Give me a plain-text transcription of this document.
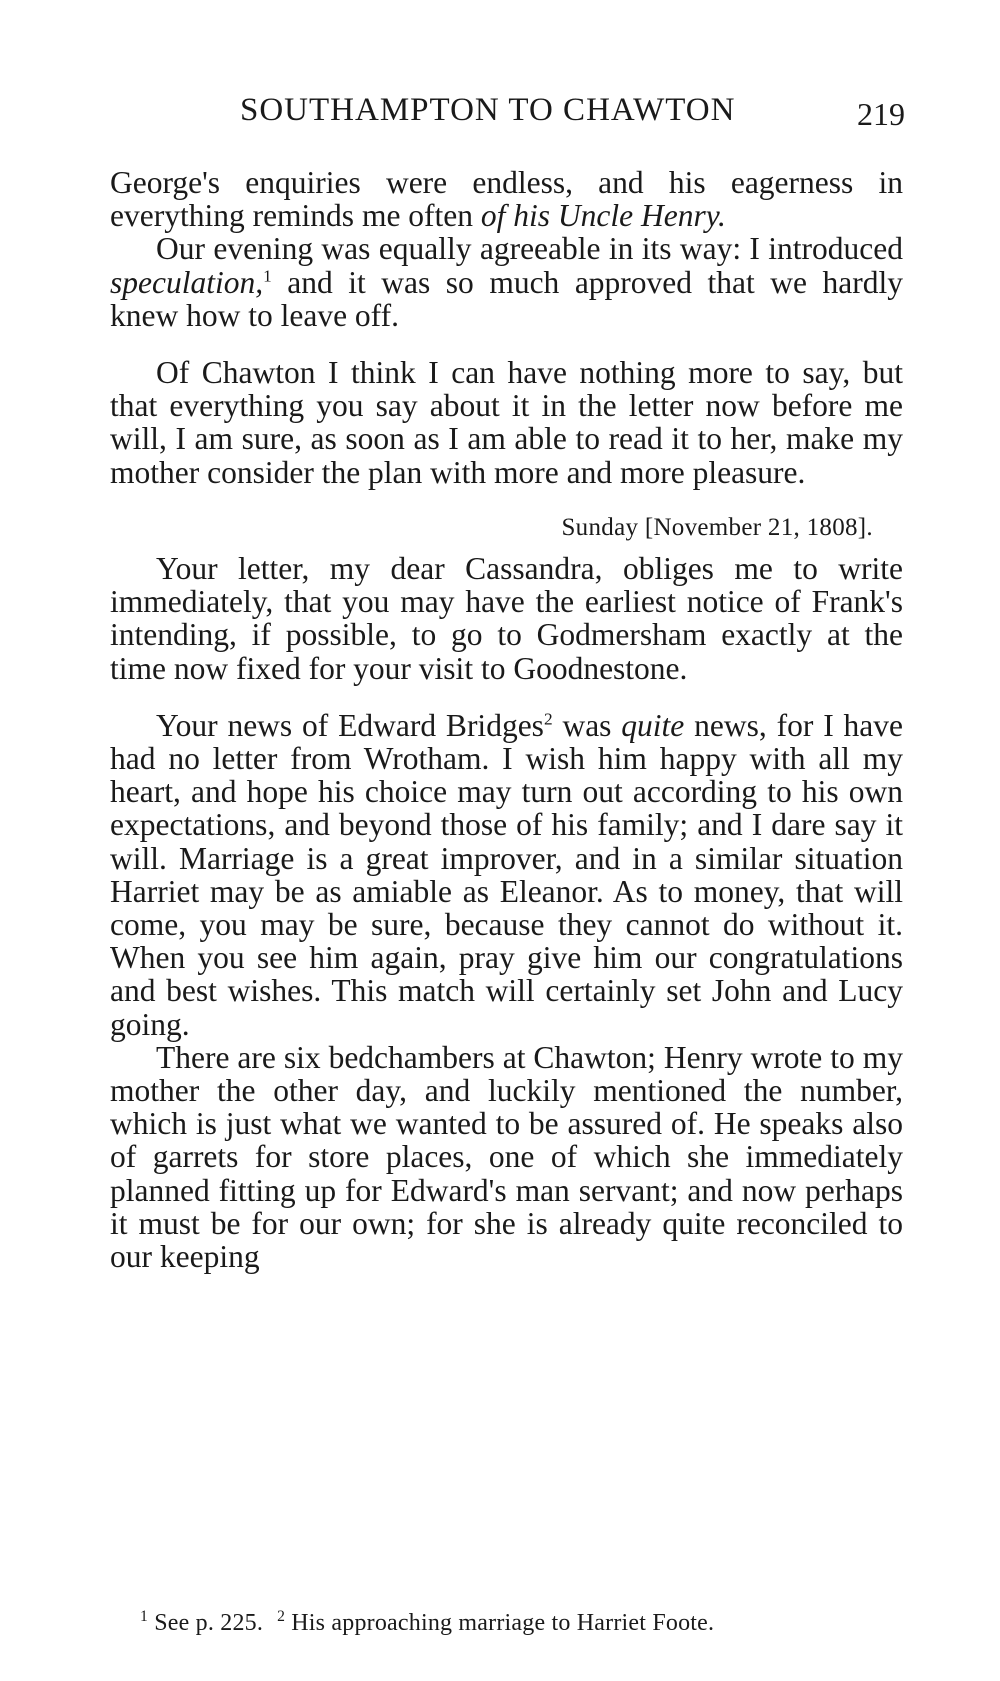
SOUTHAMPTON TO CHAWTON	219

George's enquiries were endless, and his eagerness in everything reminds me often of his Uncle Henry.

Our evening was equally agreeable in its way: I introduced speculation,$^1$ and it was so much approved that we hardly knew how to leave off.

Of Chawton I think I can have nothing more to say, but that everything you say about it in the letter now before me will, I am sure, as soon as I am able to read it to her, make my mother consider the plan with more and more pleasure.

Sunday [November 21, 1808].

Your letter, my dear Cassandra, obliges me to write immediately, that you may have the earliest notice of Frank's intending, if possible, to go to Godmersham exactly at the time now fixed for your visit to Goodnestone.

Your news of Edward Bridges$^2$ was quite news, for I have had no letter from Wrotham. I wish him happy with all my heart, and hope his choice may turn out according to his own expectations, and beyond those of his family; and I dare say it will. Marriage is a great improver, and in a similar situation Harriet may be as amiable as Eleanor. As to money, that will come, you may be sure, because they cannot do without it. When you see him again, pray give him our congratulations and best wishes. This match will certainly set John and Lucy going.

There are six bedchambers at Chawton; Henry wrote to my mother the other day, and luckily mentioned the number, which is just what we wanted to be assured of. He speaks also of garrets for store places, one of which she immediately planned fitting up for Edward's man servant; and now perhaps it must be for our own; for she is already quite reconciled to our keeping

$^1$ See p. 225. $^2$ His approaching marriage to Harriet Foote.
